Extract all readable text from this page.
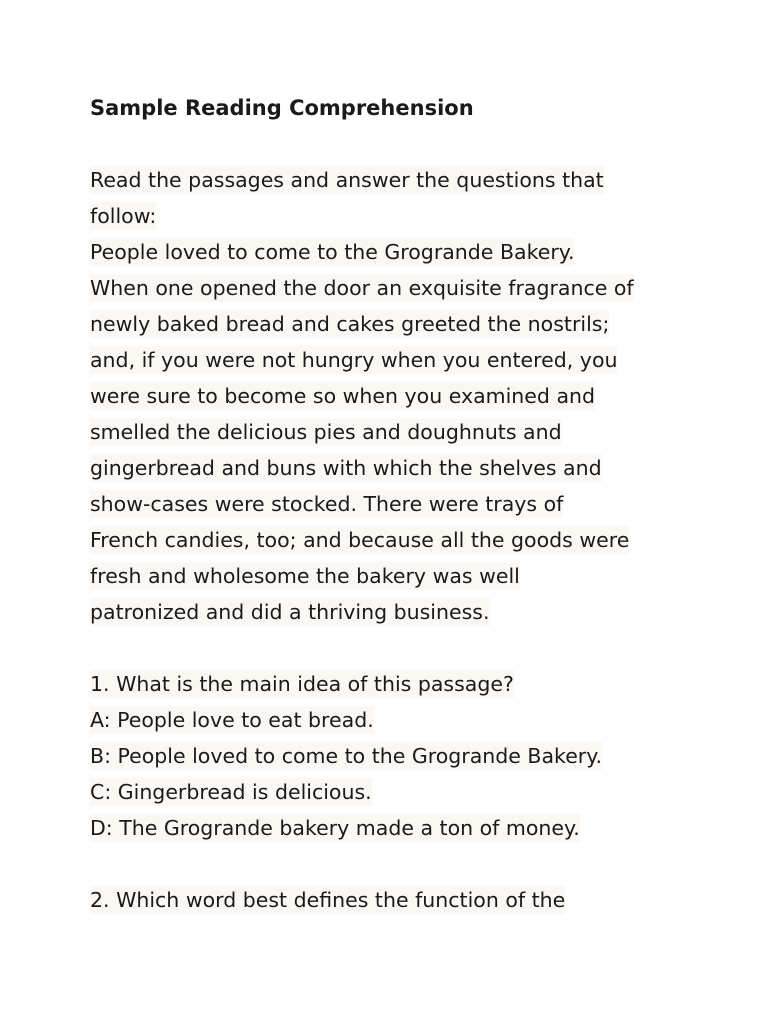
Sample Reading Comprehension
Read the passages and answer the questions that
follow:
People loved to come to the Grogrande Bakery.
When one opened the door an exquisite fragrance of
newly baked bread and cakes greeted the nostrils;
and, if you were not hungry when you entered, you
were sure to become so when you examined and
smelled the delicious pies and doughnuts and
gingerbread and buns with which the shelves and
show-cases were stocked. There were trays of
French candies, too; and because all the goods were
fresh and wholesome the bakery was well
patronized and did a thriving business.
1. What is the main idea of this passage?
A: People love to eat bread.
B: People loved to come to the Grogrande Bakery.
C: Gingerbread is delicious.
D: The Grogrande bakery made a ton of money.
2. Which word best defines the function of the
